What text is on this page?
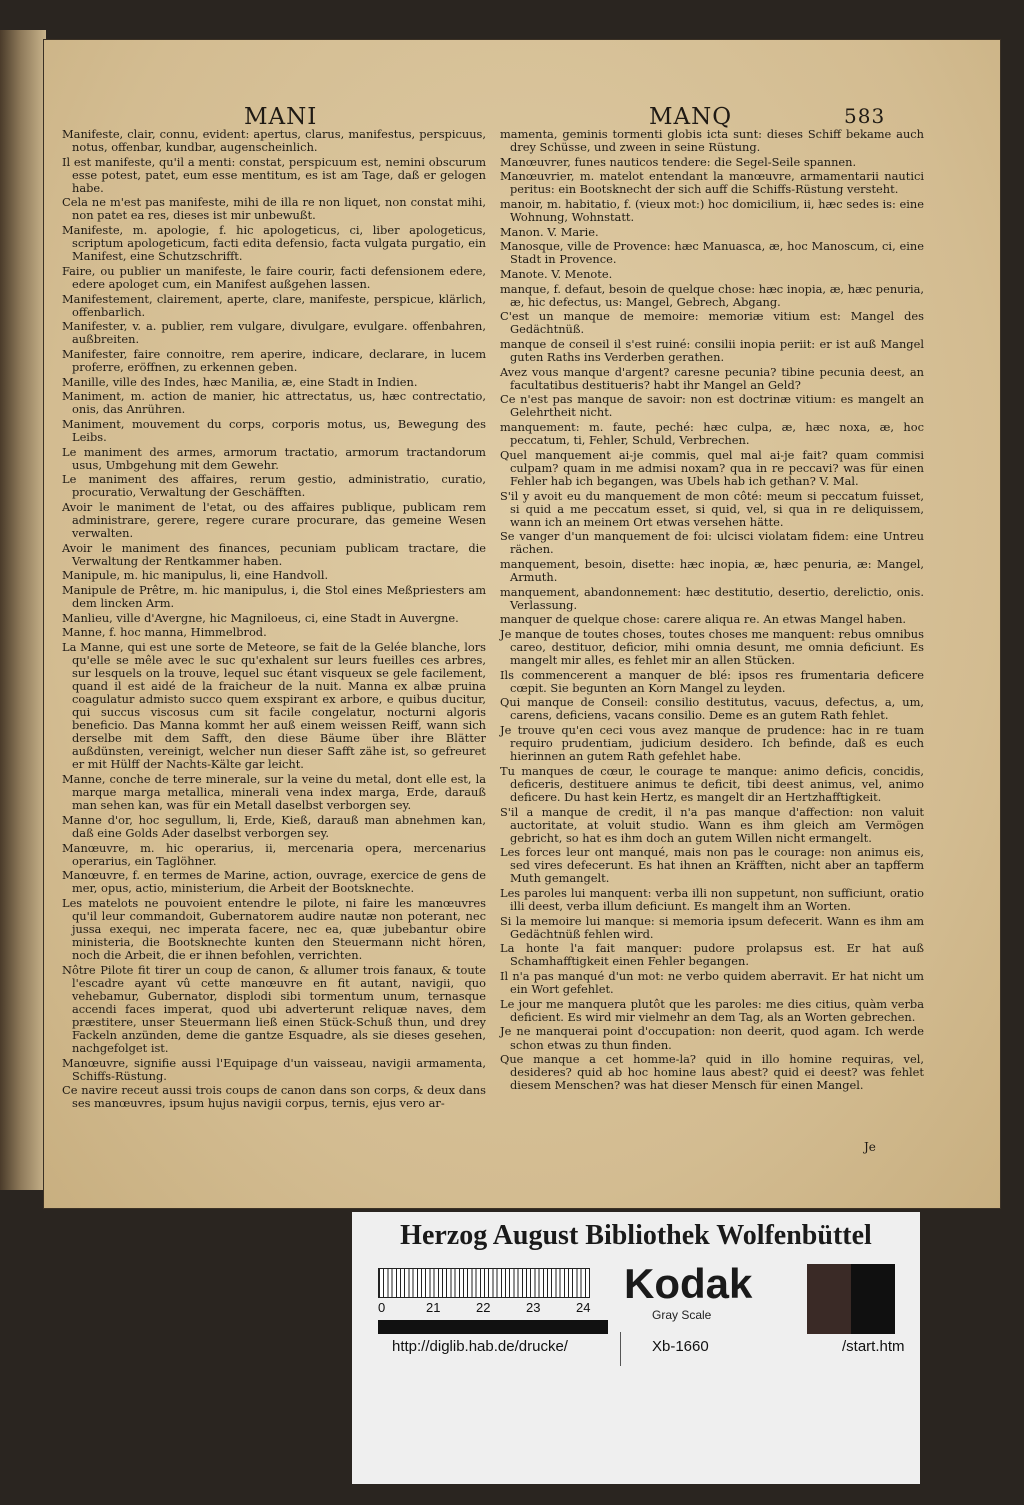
MANI	MANQ	583

Manifeste, clair, connu, evident: apertus, clarus, manifestus, perspicuus, notus, offenbar, kundbar, augenscheinlich.

Il est manifeste, qu'il a menti: constat, perspicuum est, nemini obscurum esse potest, patet, eum esse mentitum, es ist am Tage, daß er gelogen habe.

Cela ne m'est pas manifeste, mihi de illa re non liquet, non constat mihi, non patet ea res, dieses ist mir unbewußt.

Manifeste, m. apologie, f. hic apologeticus, ci, liber apologeticus, scriptum apologeticum, facti edita defensio, facta vulgata purgatio, ein Manifest, eine Schutzschrifft.

Faire, ou publier un manifeste, le faire courir, facti defensionem edere, edere apologet cum, ein Manifest außgehen lassen.

Manifestement, clairement, aperte, clare, manifeste, perspicue, klärlich, offenbarlich.

Manifester, v. a. publier, rem vulgare, divulgare, evulgare. offenbahren, außbreiten.

Manifester, faire connoitre, rem aperire, indicare, declarare, in lucem proferre, eröffnen, zu erkennen geben.

Manille, ville des Indes, hæc Manilia, æ, eine Stadt in Indien.

Maniment, m. action de manier, hic attrectatus, us, hæc contrectatio, onis, das Anrühren.

Maniment, mouvement du corps, corporis motus, us, Bewegung des Leibs.

Le maniment des armes, armorum tractatio, armorum tractandorum usus, Umbgehung mit dem Gewehr.

Le maniment des affaires, rerum gestio, administratio, curatio, procuratio, Verwaltung der Geschäfften.

Avoir le maniment de l'etat, ou des affaires publique, publicam rem administrare, gerere, regere curare procurare, das gemeine Wesen verwalten.

Avoir le maniment des finances, pecuniam publicam tractare, die Verwaltung der Rentkammer haben.

Manipule, m. hic manipulus, li, eine Handvoll.

Manipule de Prêtre, m. hic manipulus, i, die Stol eines Meßpriesters am dem lincken Arm.

Manlieu, ville d'Avergne, hic Magniloeus, ci, eine Stadt in Auvergne.

Manne, f. hoc manna, Himmelbrod.

La Manne, qui est une sorte de Meteore, se fait de la Gelée blanche, lors qu'elle se mêle avec le suc qu'exhalent sur leurs fueilles ces arbres, sur lesquels on la trouve, lequel suc étant visqueux se gele facilement, quand il est aidé de la fraicheur de la nuit. Manna ex albæ pruina coagulatur admisto succo quem exspirant ex arbore, e quibus ducitur, qui succus viscosus cum sit facile congelatur, nocturni algoris beneficio. Das Manna kommt her auß einem weissen Reiff, wann sich derselbe mit dem Safft, den diese Bäume über ihre Blätter außdünsten, vereinigt, welcher nun dieser Safft zähe ist, so gefreuret er mit Hülff der Nachts-Kälte gar leicht.

Manne, conche de terre minerale, sur la veine du metal, dont elle est, la marque marga metallica, minerali vena index marga, Erde, darauß man sehen kan, was für ein Metall daselbst verborgen sey.

Manne d'or, hoc segullum, li, Erde, Kieß, darauß man abnehmen kan, daß eine Golds Ader daselbst verborgen sey.

Manœuvre, m. hic operarius, ii, mercenaria opera, mercenarius operarius, ein Taglöhner.

Manœuvre, f. en termes de Marine, action, ouvrage, exercice de gens de mer, opus, actio, ministerium, die Arbeit der Bootsknechte.

Les matelots ne pouvoient entendre le pilote, ni faire les manœuvres qu'il leur commandoit, Gubernatorem audire nautæ non poterant, nec jussa exequi, nec imperata facere, nec ea, quæ jubebantur obire ministeria, die Bootsknechte kunten den Steuermann nicht hören, noch die Arbeit, die er ihnen befohlen, verrichten.

Nôtre Pilote fit tirer un coup de canon, & allumer trois fanaux, & toute l'escadre ayant vû cette manœuvre en fit autant, navigii, quo vehebamur, Gubernator, displodi sibi tormentum unum, ternasque accendi faces imperat, quod ubi adverterunt reliquæ naves, dem præstitere, unser Steuermann ließ einen Stück-Schuß thun, und drey Fackeln anzünden, deme die gantze Esquadre, als sie dieses gesehen, nachgefolget ist.

Manœuvre, signifie aussi l'Equipage d'un vaisseau, navigii armamenta, Schiffs-Rüstung.

Ce navire receut aussi trois coups de canon dans son corps, & deux dans ses manœuvres, ipsum hujus navigii corpus, ternis, ejus vero ar-

mamenta, geminis tormenti globis icta sunt: dieses Schiff bekame auch drey Schüsse, und zween in seine Rüstung.

Manœuvrer, funes nauticos tendere: die Segel-Seile spannen.

Manœuvrier, m. matelot entendant la manœuvre, armamentarii nautici peritus: ein Bootsknecht der sich auff die Schiffs-Rüstung versteht.

manoir, m. habitatio, f. (vieux mot:) hoc domicilium, ii, hæc sedes is: eine Wohnung, Wohnstatt.

Manon. V. Marie.

Manosque, ville de Provence: hæc Manuasca, æ, hoc Manoscum, ci, eine Stadt in Provence.

Manote. V. Menote.

manque, f. defaut, besoin de quelque chose: hæc inopia, æ, hæc penuria, æ, hic defectus, us: Mangel, Gebrech, Abgang.

C'est un manque de memoire: memoriæ vitium est: Mangel des Gedächtnüß.

manque de conseil il s'est ruiné: consilii inopia periit: er ist auß Mangel guten Raths ins Verderben gerathen.

Avez vous manque d'argent? caresne pecunia? tibine pecunia deest, an facultatibus destitueris? habt ihr Mangel an Geld?

Ce n'est pas manque de savoir: non est doctrinæ vitium: es mangelt an Gelehrtheit nicht.

manquement: m. faute, peché: hæc culpa, æ, hæc noxa, æ, hoc peccatum, ti, Fehler, Schuld, Verbrechen.

Quel manquement ai-je commis, quel mal ai-je fait? quam commisi culpam? quam in me admisi noxam? qua in re peccavi? was für einen Fehler hab ich begangen, was Ubels hab ich gethan? V. Mal.

S'il y avoit eu du manquement de mon côté: meum si peccatum fuisset, si quid a me peccatum esset, si quid, vel, si qua in re deliquissem, wann ich an meinem Ort etwas versehen hätte.

Se vanger d'un manquement de foi: ulcisci violatam fidem: eine Untreu rächen.

manquement, besoin, disette: hæc inopia, æ, hæc penuria, æ: Mangel, Armuth.

manquement, abandonnement: hæc destitutio, desertio, derelictio, onis. Verlassung.

manquer de quelque chose: carere aliqua re. An etwas Mangel haben.

Je manque de toutes choses, toutes choses me manquent: rebus omnibus careo, destituor, deficior, mihi omnia desunt, me omnia deficiunt. Es mangelt mir alles, es fehlet mir an allen Stücken.

Ils commencerent a manquer de blé: ipsos res frumentaria deficere cœpit. Sie begunten an Korn Mangel zu leyden.

Qui manque de Conseil: consilio destitutus, vacuus, defectus, a, um, carens, deficiens, vacans consilio. Deme es an gutem Rath fehlet.

Je trouve qu'en ceci vous avez manque de prudence: hac in re tuam requiro prudentiam, judicium desidero. Ich befinde, daß es euch hierinnen an gutem Rath gefehlet habe.

Tu manques de cœur, le courage te manque: animo deficis, concidis, deficeris, destituere animus te deficit, tibi deest animus, vel, animo deficere. Du hast kein Hertz, es mangelt dir an Hertzhafftigkeit.

S'il a manque de credit, il n'a pas manque d'affection: non valuit auctoritate, at voluit studio. Wann es ihm gleich am Vermögen gebricht, so hat es ihm doch an gutem Willen nicht ermangelt.

Les forces leur ont manqué, mais non pas le courage: non animus eis, sed vires defecerunt. Es hat ihnen an Kräfften, nicht aber an tapfferm Muth gemangelt.

Les paroles lui manquent: verba illi non suppetunt, non sufficiunt, oratio illi deest, verba illum deficiunt. Es mangelt ihm an Worten.

Si la memoire lui manque: si memoria ipsum defecerit. Wann es ihm am Gedächtnüß fehlen wird.

La honte l'a fait manquer: pudore prolapsus est. Er hat auß Schamhafftigkeit einen Fehler begangen.

Il n'a pas manqué d'un mot: ne verbo quidem aberravit. Er hat nicht um ein Wort gefehlet.

Le jour me manquera plutôt que les paroles: me dies citius, quàm verba deficient. Es wird mir vielmehr an dem Tag, als an Worten gebrechen.

Je ne manquerai point d'occupation: non deerit, quod agam. Ich werde schon etwas zu thun finden.

Que manque a cet homme-la? quid in illo homine requiras, vel, desideres? quid ab hoc homine laus abest? quid ei deest? was fehlet diesem Menschen? was hat dieser Mensch für einen Mangel.

Je
Herzog August Bibliothek Wolfenbüttel
0	21	22	23	24
Kodak
Gray Scale
http://diglib.hab.de/drucke/	Xb-1660	/start.htm
